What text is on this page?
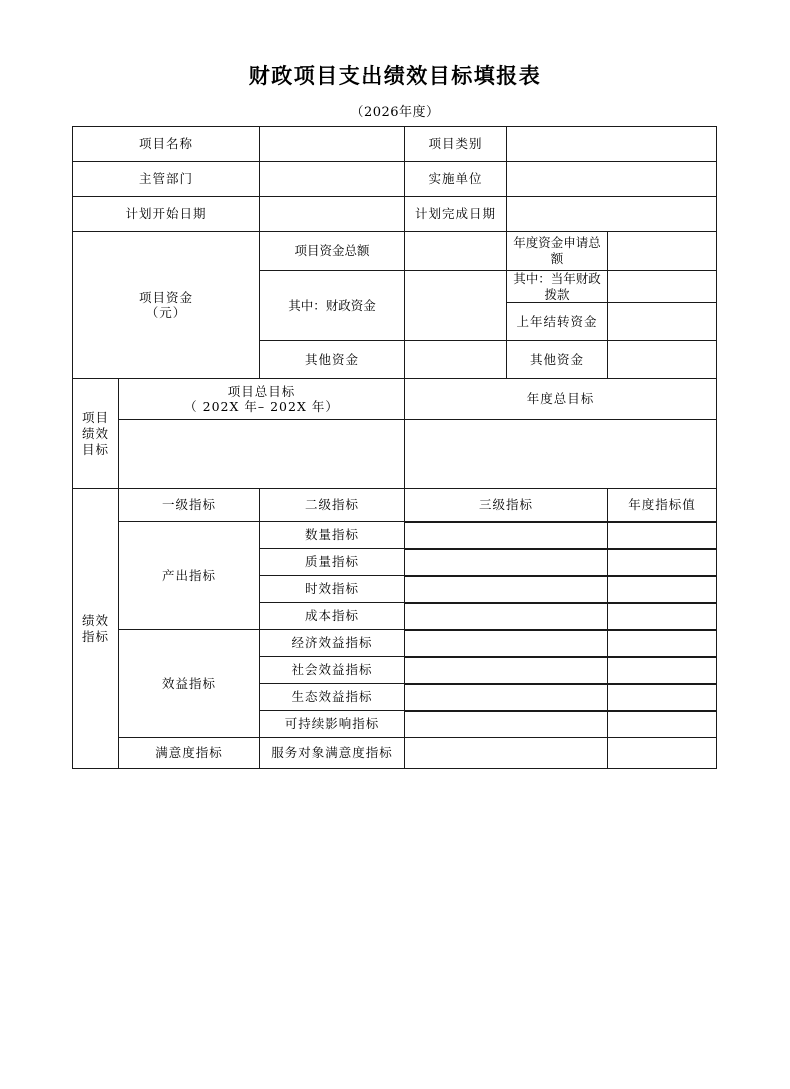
财政项目支出绩效目标填报表
（2026年度）
项目名称			项目类别		
主管部门			实施单位		
计划开始日期			计划完成日期		

项目资金
（元）		项目资金总额		年度资金申请总额	
		其中：财政资金		其中：当年财政拨款	
				上年结转资金	
		其他资金		其他资金	

项目
绩效
目标

项目总目标
（ 202X 年– 202X 年）
	年度总目标

绩效
指标	一级指标	二级指标	三级指标		年度指标值
	产出指标	数量指标			

		质量指标			

		时效指标			

		成本指标			

	效益指标	经济效益指标			

		社会效益指标			

		生态效益指标			

		可持续影响指标			

	满意度指标	服务对象满意度指标			
